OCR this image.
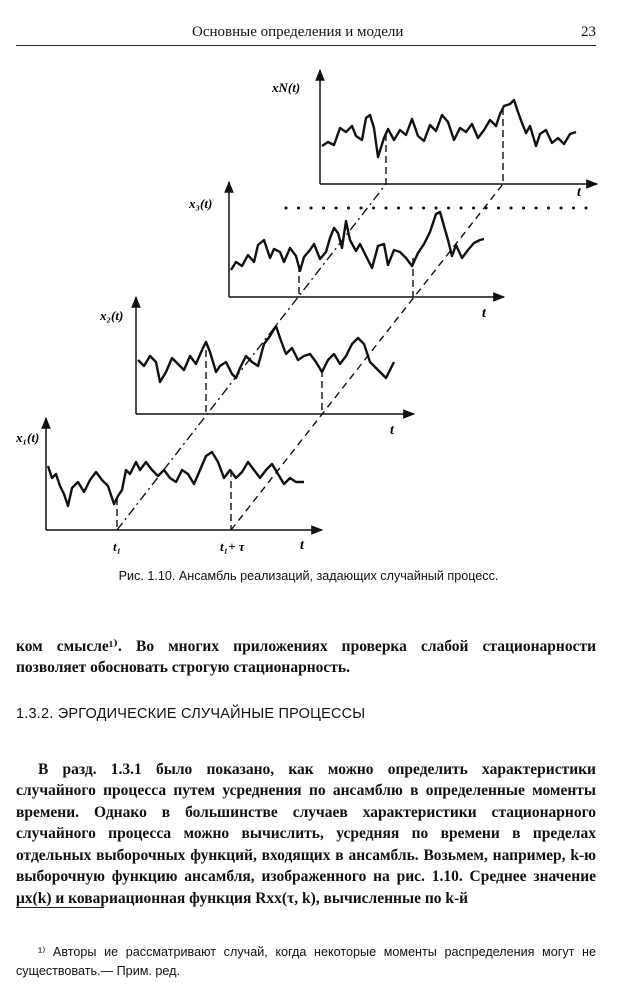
Основные определения и модели	23
xN(t)
t
x₃(t)
t
x₂(t)
t
x₁(t)
t
t₁	t₁+ τ
Рис. 1.10. Ансамбль реализаций, задающих случайный процесс.

ком смысле¹⁾. Во многих приложениях проверка слабой стационарности позволяет обосновать строгую стационарность.

1.3.2. ЭРГОДИЧЕСКИЕ СЛУЧАЙНЫЕ ПРОЦЕССЫ

В разд. 1.3.1 было показано, как можно определить характеристики случайного процесса путем усреднения по ансамблю в определенные моменты времени. Однако в большинстве случаев характеристики стационарного случайного процесса можно вычислить, усредняя по времени в пределах отдельных выборочных функций, входящих в ансамбль. Возьмем, например, k-ю выборочную функцию ансамбля, изображенного на рис. 1.10. Среднее значение μx(k) и ковариационная функция Rxx(τ, k), вычисленные по k-й

¹⁾ Авторы ие рассматривают случай, когда некоторые моменты распределения могут не существовать.— Прим. ред.
